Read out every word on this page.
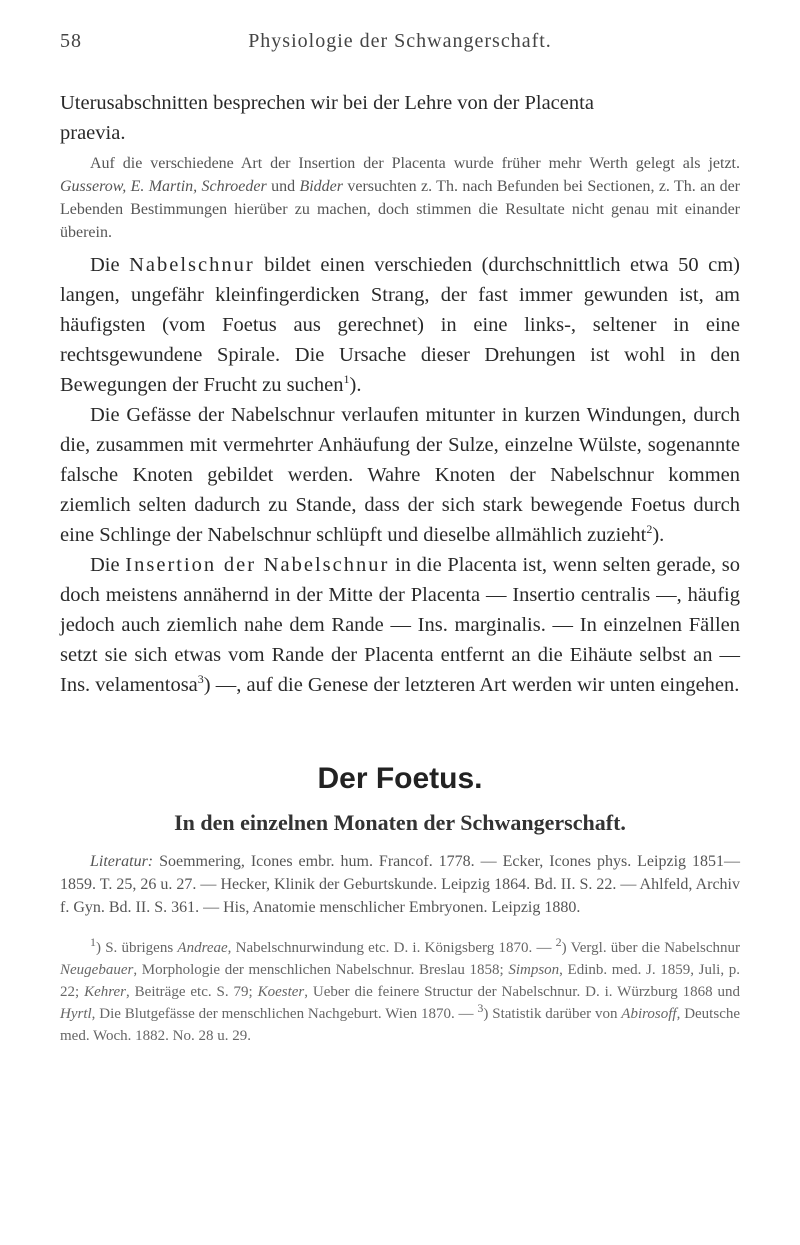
58	Physiologie der Schwangerschaft.

Uterusabschnitten besprechen wir bei der Lehre von der Placenta

praevia.

Auf die verschiedene Art der Insertion der Placenta wurde früher mehr Werth gelegt als jetzt. Gusserow, E. Martin, Schroeder und Bidder versuchten z. Th. nach Befunden bei Sectionen, z. Th. an der Lebenden Bestimmungen hierüber zu machen, doch stimmen die Resultate nicht genau mit einander überein.

Die Nabelschnur bildet einen verschieden (durchschnittlich etwa 50 cm) langen, ungefähr kleinfingerdicken Strang, der fast immer gewunden ist, am häufigsten (vom Foetus aus gerechnet) in eine links-, seltener in eine rechtsgewundene Spirale. Die Ursache dieser Drehungen ist wohl in den Bewegungen der Frucht zu suchen$^1$).

Die Gefässe der Nabelschnur verlaufen mitunter in kurzen Windungen, durch die, zusammen mit vermehrter Anhäufung der Sulze, einzelne Wülste, sogenannte falsche Knoten gebildet werden. Wahre Knoten der Nabelschnur kommen ziemlich selten dadurch zu Stande, dass der sich stark bewegende Foetus durch eine Schlinge der Nabelschnur schlüpft und dieselbe allmählich zuzieht$^2$).

Die Insertion der Nabelschnur in die Placenta ist, wenn selten gerade, so doch meistens annähernd in der Mitte der Placenta — Insertio centralis —, häufig jedoch auch ziemlich nahe dem Rande — Ins. marginalis. — In einzelnen Fällen setzt sie sich etwas vom Rande der Placenta entfernt an die Eihäute selbst an — Ins. velamentosa$^3$) —, auf die Genese der letzteren Art werden wir unten eingehen.

Der Foetus.
In den einzelnen Monaten der Schwangerschaft.

Literatur: Soemmering, Icones embr. hum. Francof. 1778. — Ecker, Icones phys. Leipzig 1851—1859. T. 25, 26 u. 27. — Hecker, Klinik der Geburtskunde. Leipzig 1864. Bd. II. S. 22. — Ahlfeld, Archiv f. Gyn. Bd. II. S. 361. — His, Anatomie menschlicher Embryonen. Leipzig 1880.

$^1$) S. übrigens Andreae, Nabelschnurwindung etc. D. i. Königsberg 1870. — $^2$) Vergl. über die Nabelschnur Neugebauer, Morphologie der menschlichen Nabelschnur. Breslau 1858; Simpson, Edinb. med. J. 1859, Juli, p. 22; Kehrer, Beiträge etc. S. 79; Koester, Ueber die feinere Structur der Nabelschnur. D. i. Würzburg 1868 und Hyrtl, Die Blutgefässe der menschlichen Nachgeburt. Wien 1870. — $^3$) Statistik darüber von Abirosoff, Deutsche med. Woch. 1882. No. 28 u. 29.
